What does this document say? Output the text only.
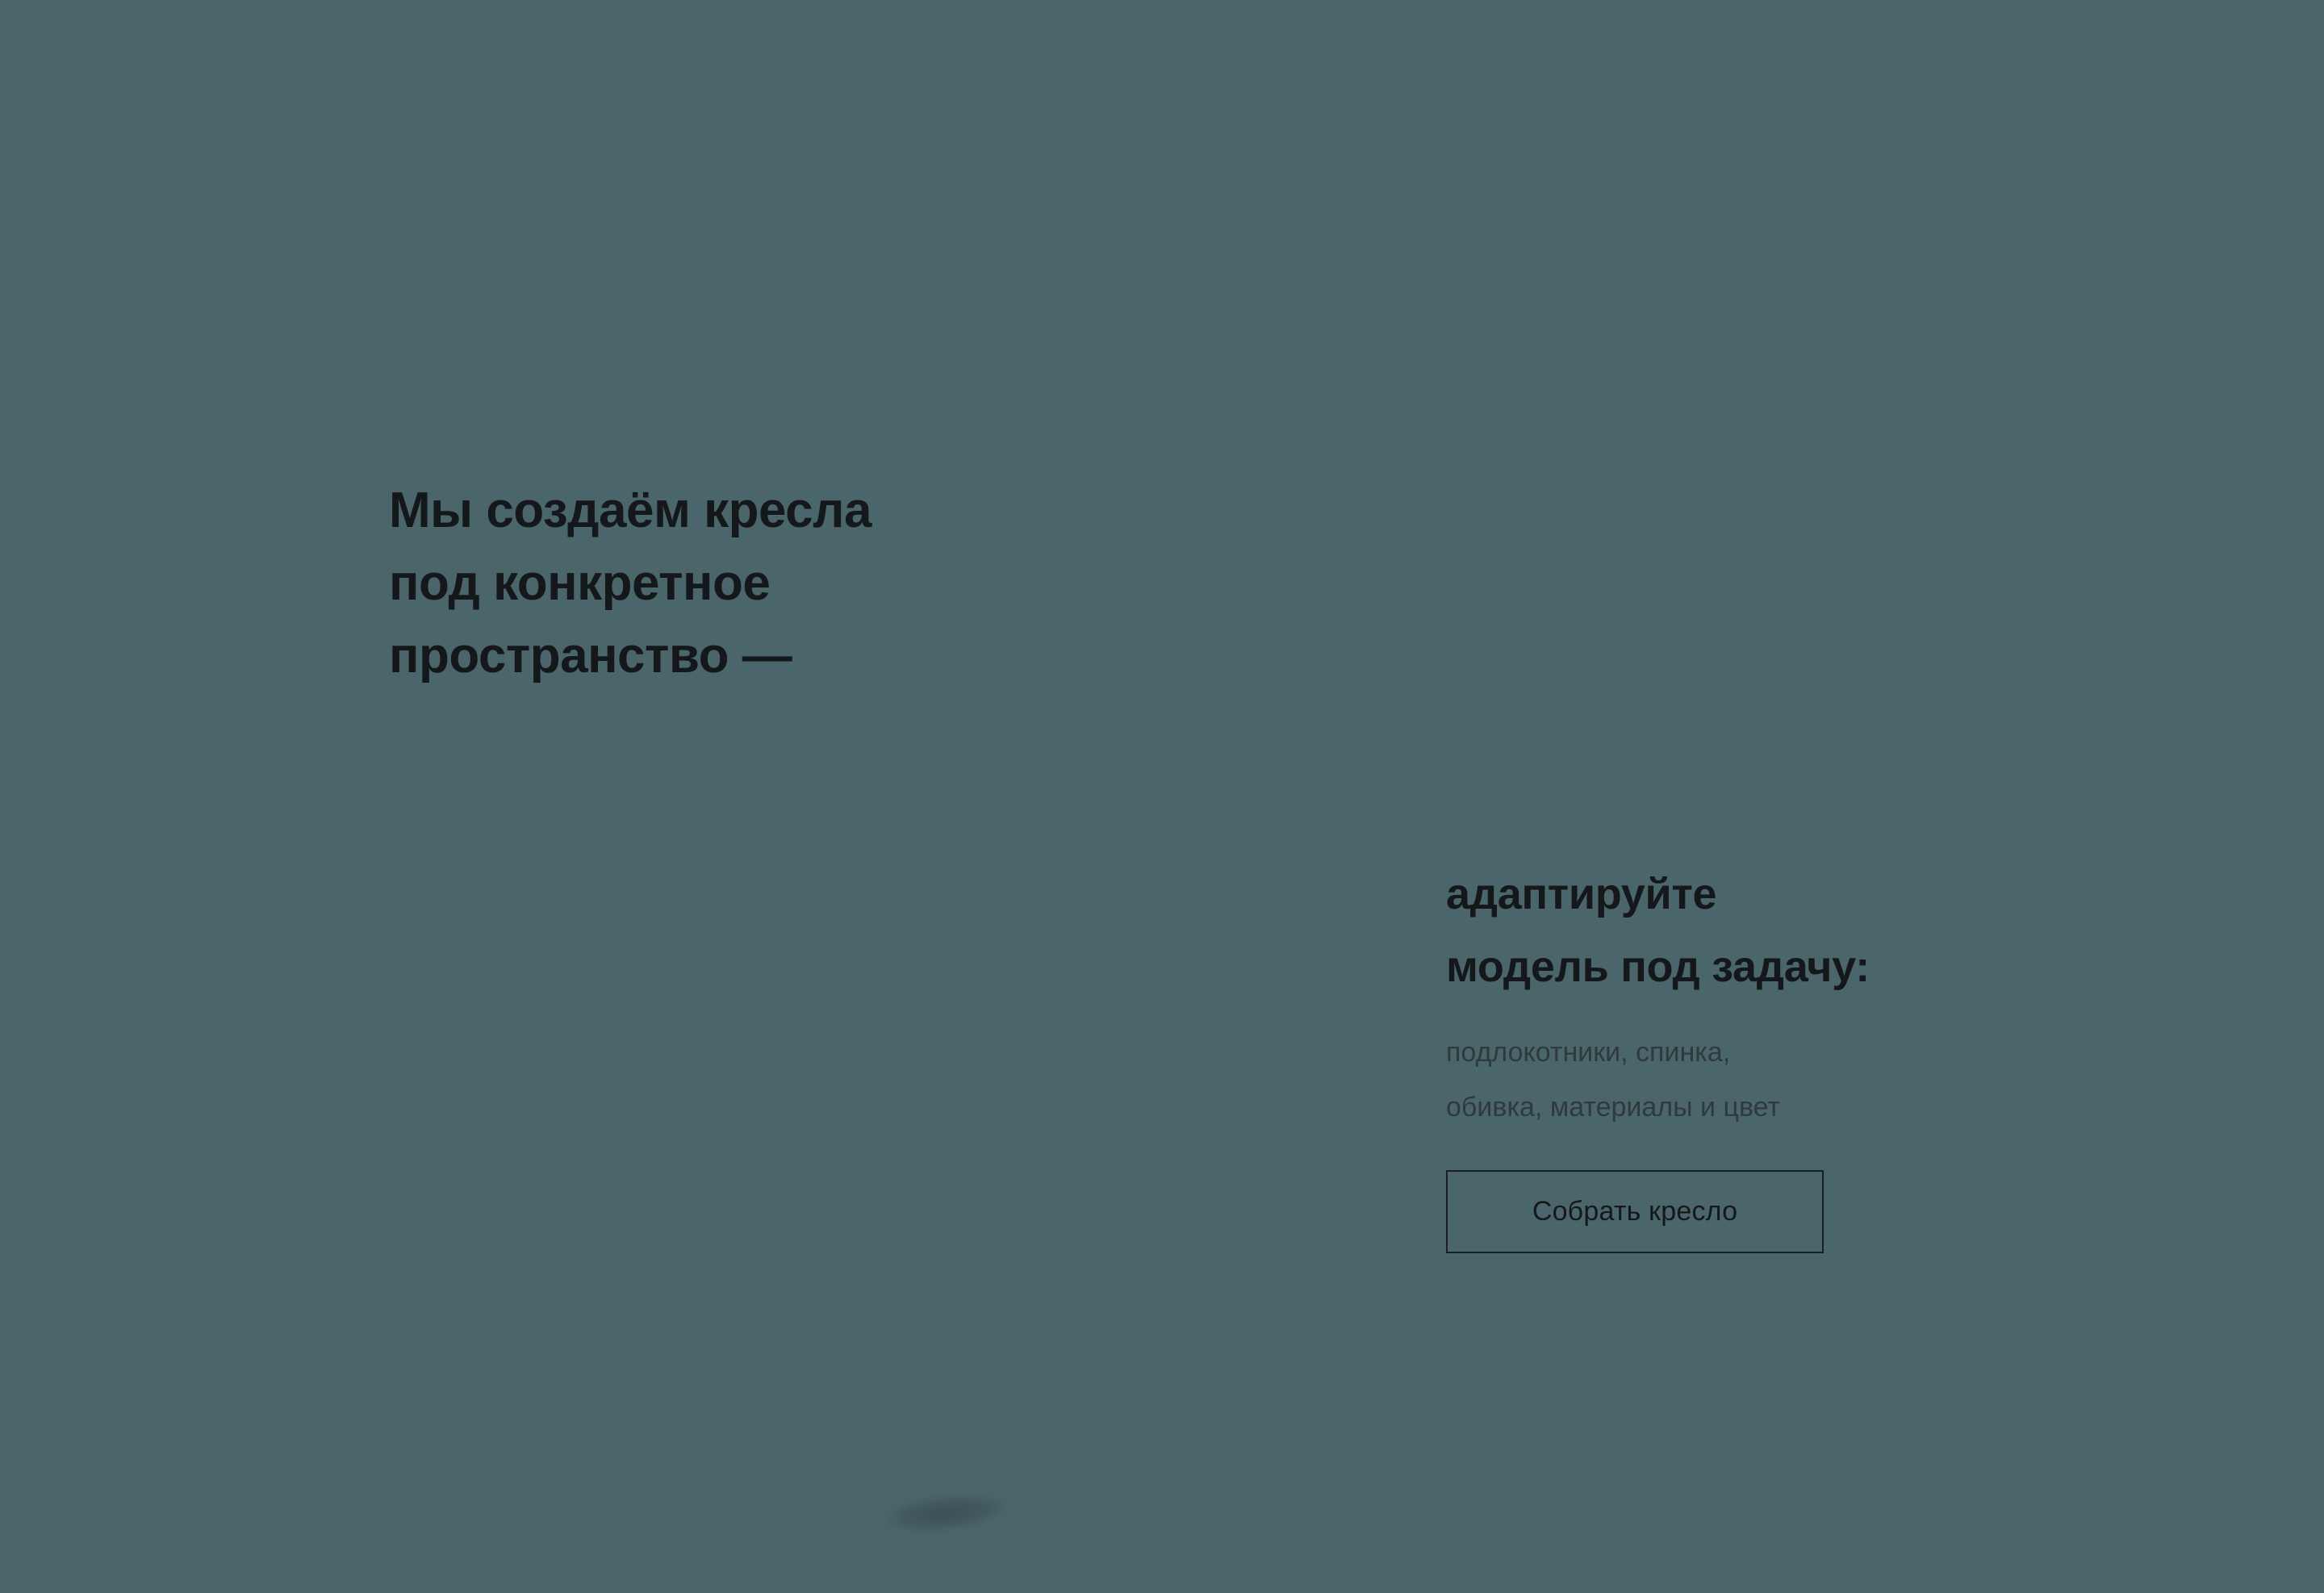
Мы создаём кресла
под конкретное
пространство —
адаптируйте
модель под задачу:
подлокотники, спинка,
обивка, материалы и цвет
Собрать кресло
